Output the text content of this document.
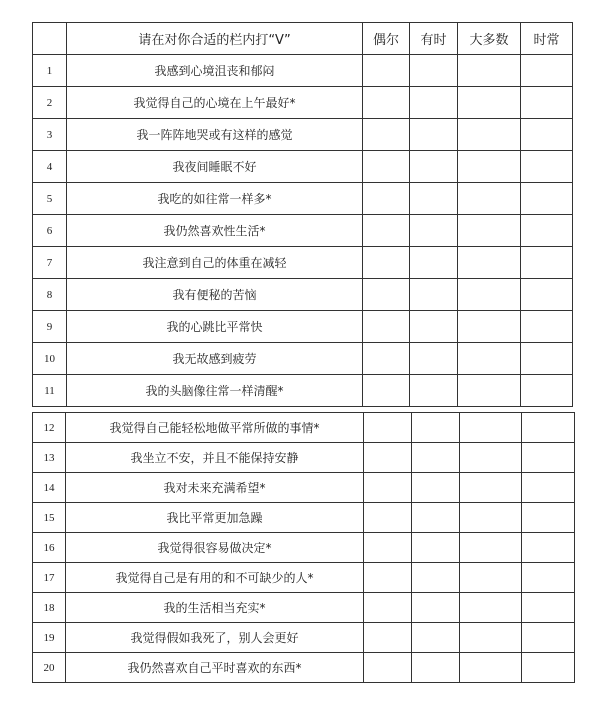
	请在对你合适的栏内打“V”	偶尔	有时	大多数	时常
1	我感到心境沮丧和郁闷				
2	我觉得自己的心境在上午最好*				
3	我一阵阵地哭或有这样的感觉				
4	我夜间睡眠不好				
5	我吃的如往常一样多*				
6	我仍然喜欢性生活*				
7	我注意到自己的体重在减轻				
8	我有便秘的苦恼				
9	我的心跳比平常快				
10	我无故感到疲劳				
11	我的头脑像往常一样清醒*				
12	我觉得自己能轻松地做平常所做的事情*				
13	我坐立不安，并且不能保持安静				
14	我对未来充满希望*				
15	我比平常更加急躁				
16	我觉得很容易做决定*				
17	我觉得自己是有用的和不可缺少的人*				
18	我的生活相当充实*				
19	我觉得假如我死了，别人会更好				
20	我仍然喜欢自己平时喜欢的东西*				
